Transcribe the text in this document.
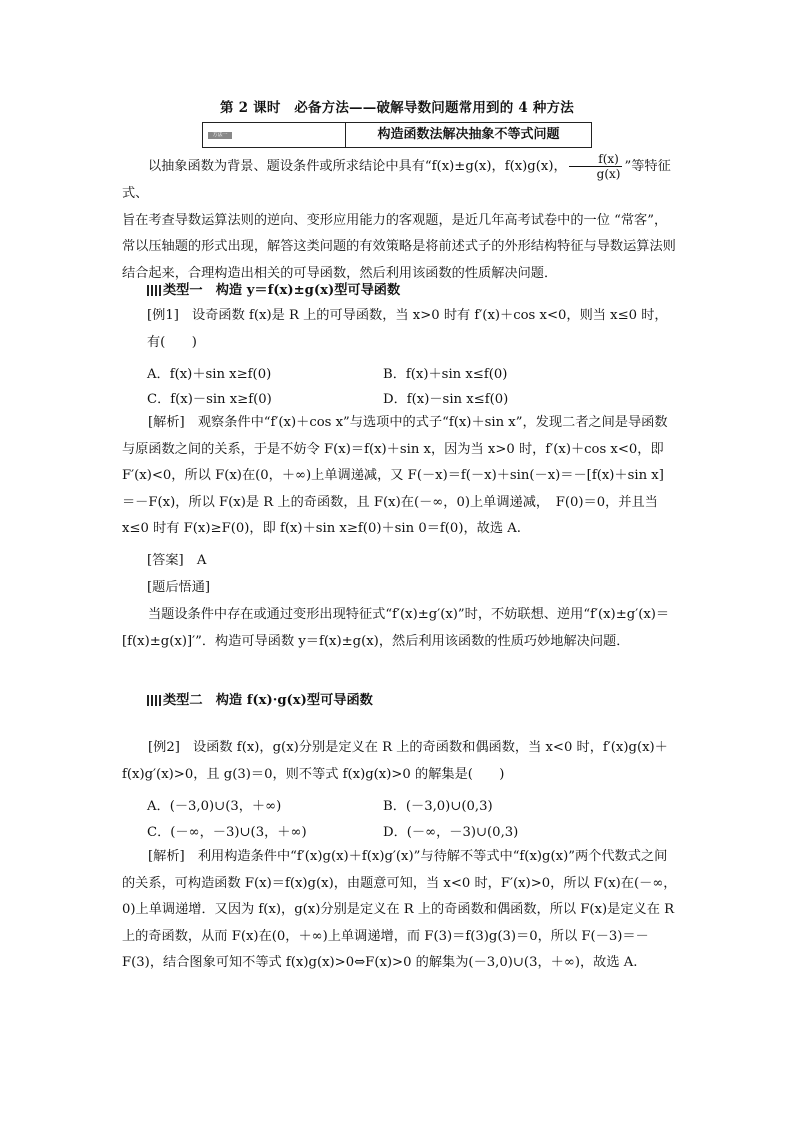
第 2 课时　必备方法——破解导数问题常用到的 4 种方法
方法一	构造函数法解决抽象不等式问题
以抽象函数为背景、题设条件或所求结论中具有“f(x)±g(x)，f(x)g(x)， $\frac{f(x)}{g(x)}$ ”等特征式、
旨在考查导数运算法则的逆向、变形应用能力的客观题，是近几年高考试卷中的一位 “常客”，常以压轴题的形式出现，解答这类问题的有效策略是将前述式子的外形结构特征与导数运算法则结合起来，合理构造出相关的可导函数，然后利用该函数的性质解决问题．
类型一　构造 y＝f(x)±g(x)型可导函数
[例1]　设奇函数 f(x)是 R 上的可导函数，当 x>0 时有 f′(x)＋cos x<0，则当 x≤0 时，有(　　)
A．f(x)＋sin x≥f(0)	B．f(x)＋sin x≤f(0)
C．f(x)－sin x≥f(0)	D．f(x)－sin x≤f(0)
[解析]　观察条件中“f′(x)＋cos x”与选项中的式子“f(x)＋sin x”，发现二者之间是导函数与原函数之间的关系，于是不妨令 F(x)＝f(x)＋sin x，因为当 x>0 时，f′(x)＋cos x<0，即 F′(x)<0，所以 F(x)在(0，＋∞)上单调递减，又 F(－x)＝f(－x)＋sin(－x)＝－[f(x)＋sin x]＝－F(x)，所以 F(x)是 R 上的奇函数，且 F(x)在(－∞，0)上单调递减，　F(0)＝0，并且当 x≤0 时有 F(x)≥F(0)，即 f(x)＋sin x≥f(0)＋sin 0＝f(0)，故选 A.
[答案]　A
[题后悟通]
当题设条件中存在或通过变形出现特征式“f′(x)±g′(x)”时，不妨联想、逆用“f′(x)±g′(x)＝[f(x)±g(x)]′”．构造可导函数 y＝f(x)±g(x)，然后利用该函数的性质巧妙地解决问题．
类型二　构造 f(x)·g(x)型可导函数
[例2]　设函数 f(x)，g(x)分别是定义在 R 上的奇函数和偶函数，当 x<0 时，f′(x)g(x)＋f(x)g′(x)>0，且 g(3)＝0，则不等式 f(x)g(x)>0 的解集是(　　)
A．(－3,0)∪(3，＋∞)	B．(－3,0)∪(0,3)
C．(－∞，－3)∪(3，＋∞)	D．(－∞，－3)∪(0,3)
[解析]　利用构造条件中“f′(x)g(x)＋f(x)g′(x)”与待解不等式中“f(x)g(x)”两个代数式之间的关系，可构造函数 F(x)＝f(x)g(x)，由题意可知，当 x<0 时，F′(x)>0，所以 F(x)在(－∞，0)上单调递增．又因为 f(x)，g(x)分别是定义在 R 上的奇函数和偶函数，所以 F(x)是定义在 R 上的奇函数，从而 F(x)在(0，＋∞)上单调递增，而 F(3)＝f(3)g(3)＝0，所以 F(－3)＝－F(3)，结合图象可知不等式 f(x)g(x)>0⇔F(x)>0 的解集为(－3,0)∪(3，＋∞)，故选 A.
